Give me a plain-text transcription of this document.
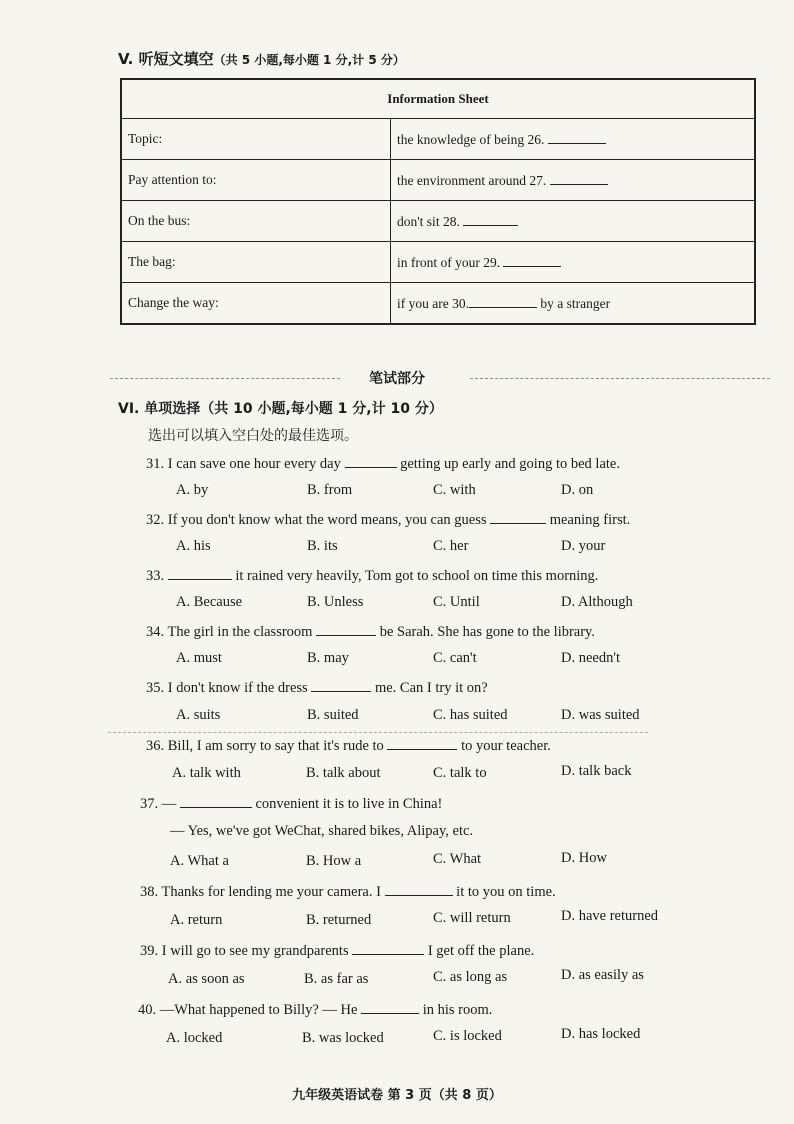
V. 听短文填空（共 5 小题,每小题 1 分,计 5 分）
Information Sheet	
Topic:	the knowledge of being 26.
Pay attention to:	the environment around 27.
On the bus:	don't sit 28.
The bag:	in front of your 29.
Change the way:	if you are 30. by a stranger
笔试部分
VI. 单项选择（共 10 小题,每小题 1 分,计 10 分）
选出可以填入空白处的最佳选项。
31. I can save one hour every day	getting up early and going to bed late.
A. by	B. from	C. with	D. on
32. If you don't know what the word means, you can guess	meaning first.
A. his	B. its	C. her	D. your
33.	it rained very heavily, Tom got to school on time this morning.
A. Because	B. Unless	C. Until	D. Although
34. The girl in the classroom	be Sarah. She has gone to the library.
A. must	B. may	C. can't	D. needn't
35. I don't know if the dress	me. Can I try it on?
A. suits	B. suited	C. has suited	D. was suited
36. Bill, I am sorry to say that it's rude to	to your teacher.
A. talk with	B. talk about	C. talk to	D. talk back
37. —	convenient it is to live in China!
— Yes, we've got WeChat, shared bikes, Alipay, etc.
A. What a	B. How a	C. What	D. How
38. Thanks for lending me your camera. I	it to you on time.
A. return	B. returned	C. will return	D. have returned
39. I will go to see my grandparents	I get off the plane.
A. as soon as	B. as far as	C. as long as	D. as easily as
40. —What happened to Billy? — He	in his room.
A. locked	B. was locked	C. is locked	D. has locked
九年级英语试卷 第 3 页（共 8 页）
